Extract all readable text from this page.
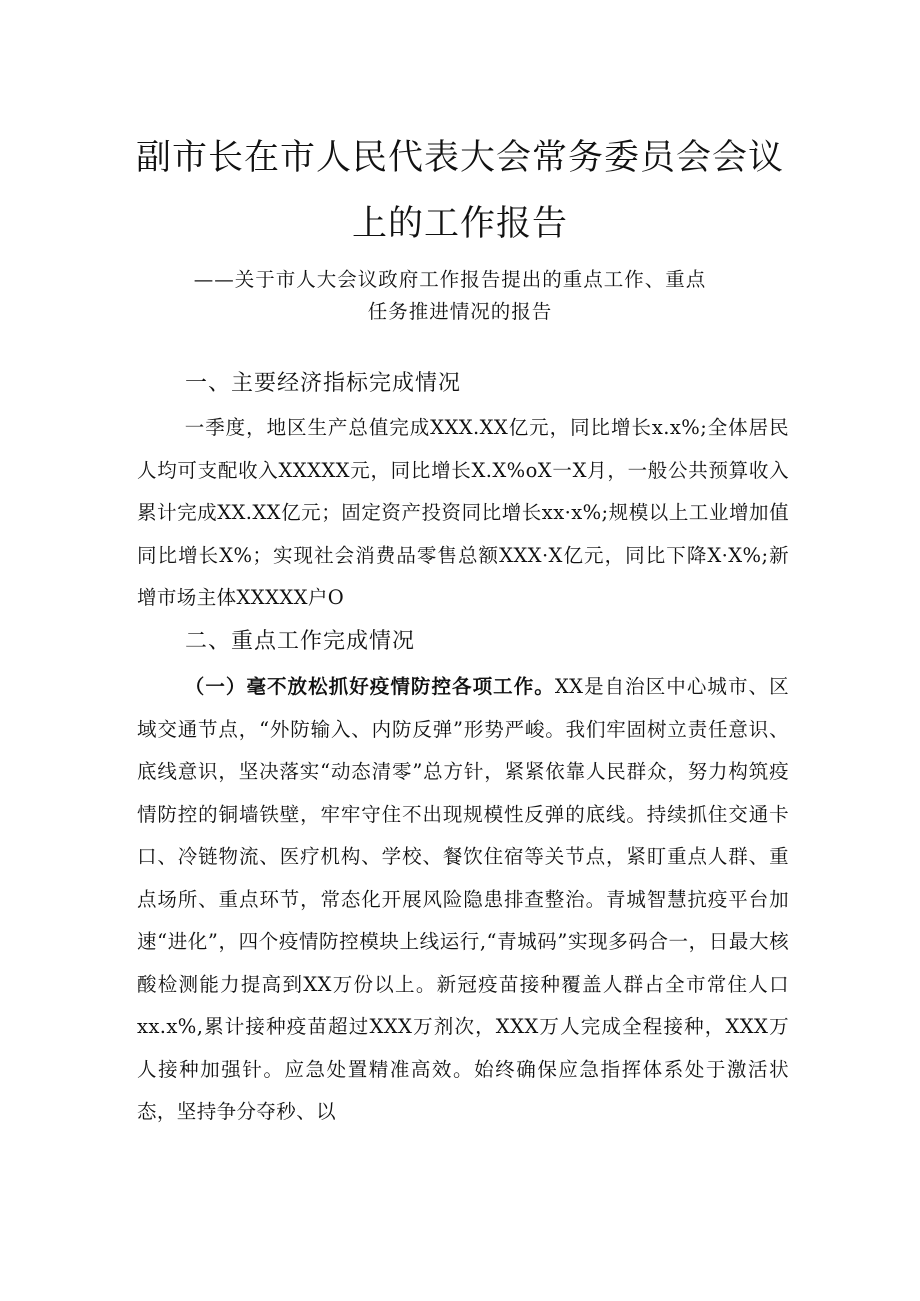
副市长在市人民代表大会常务委员会会议
上的工作报告

——关于市人大会议政府工作报告提出的重点工作、重点

任务推进情况的报告

一、主要经济指标完成情况

一季度，地区生产总值完成XXX.XX亿元，同比增长x.x%;全体居民人均可支配收入XXXXX元，同比增长X.X%oX一X月，一般公共预算收入累计完成XX.XX亿元；固定资产投资同比增长xx·x%;规模以上工业增加值同比增长X%；实现社会消费品零售总额XXX·X亿元，同比下降X·X%;新增市场主体XXXXX户O

二、重点工作完成情况

（一）毫不放松抓好疫情防控各项工作。XX是自治区中心城市、区域交通节点，“外防输入、内防反弹”形势严峻。我们牢固树立责任意识、底线意识，坚决落实“动态清零”总方针，紧紧依靠人民群众，努力构筑疫情防控的铜墙铁壁，牢牢守住不出现规模性反弹的底线。持续抓住交通卡口、冷链物流、医疗机构、学校、餐饮住宿等关节点，紧盯重点人群、重点场所、重点环节，常态化开展风险隐患排查整治。青城智慧抗疫平台加速“进化”，四个疫情防控模块上线运行,“青城码”实现多码合一，日最大核酸检测能力提高到XX万份以上。新冠疫苗接种覆盖人群占全市常住人口xx.x%,累计接种疫苗超过XXX万剂次，XXX万人完成全程接种，XXX万人接种加强针。应急处置精准高效。始终确保应急指挥体系处于激活状态，坚持争分夺秒、以
